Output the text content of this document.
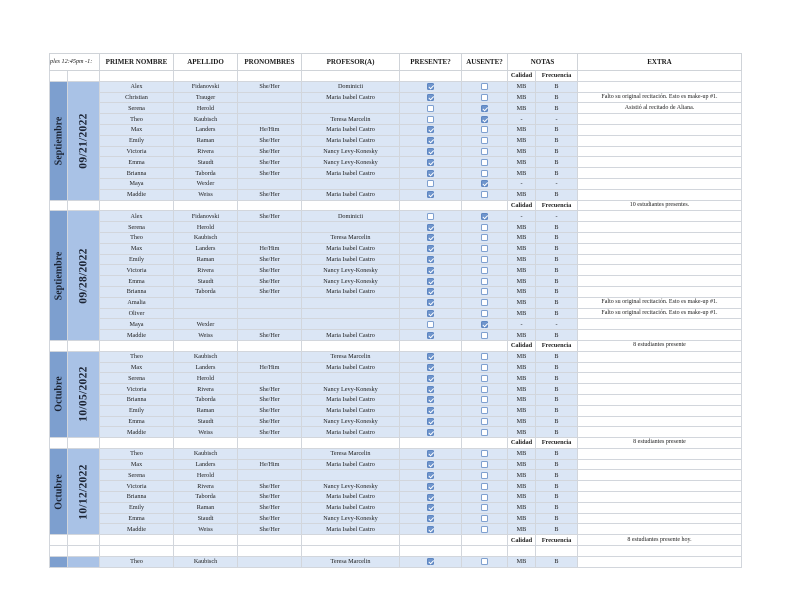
ples 12:45pm -1:		PRIMER NOMBRE	APELLIDO	PRONOMBRES	PROFESOR(A)	PRESENTE?	AUSENTE?	NOTAS		EXTRA
								Calidad	Frecuencia	

Septiembre	09/21/2022	Alex	Fidanovski	She/Her	Dominicii			MB	B	
		Christian	Trauger		Maria Isabel Castro			MB	B	Falto su original recitación. Esto es make-up #1.
		Serena	Herold					MB	B	Asistió al recitado de Aliana.
		Theo	Kaubisch		Teresa Marcelin			-	-	
		Max	Landers	He/Him	Maria Isabel Castro			MB	B	
		Emily	Raman	She/Her	Maria Isabel Castro			MB	B	
		Victoria	Rivera	She/Her	Nancy Levy-Konesky			MB	B	
		Emma	Staudt	She/Her	Nancy Levy-Konesky			MB	B	
		Brianna	Taborda	She/Her	Maria Isabel Castro			MB	B	
		Maya	Wexler					-	-	
		Maddie	Weiss	She/Her	Maria Isabel Castro			MB	B	
								Calidad	Frecuencia	10 estudiantes presentes.

Septiembre	09/28/2022	Alex	Fidanovski	She/Her	Dominicii			-	-	
		Serena	Herold					MB	B	
		Theo	Kaubisch		Teresa Marcelin			MB	B	
		Max	Landers	He/Him	Maria Isabel Castro			MB	B	
		Emily	Raman	She/Her	Maria Isabel Castro			MB	B	
		Victoria	Rivera	She/Her	Nancy Levy-Konesky			MB	B	
		Emma	Staudt	She/Her	Nancy Levy-Konesky			MB	B	
		Brianna	Taborda	She/Her	Maria Isabel Castro			MB	B	
		Amalia						MB	B	Falto su original recitación. Esto es make-up #1.
		Oliver						MB	B	Falto su original recitación. Esto es make-up #1.
		Maya	Wexler					-	-	
		Maddie	Weiss	She/Her	Maria Isabel Castro			MB	B	
								Calidad	Frecuencia	8 estudiantes presente

Octubre	10/05/2022	Theo	Kaubisch		Teresa Marcelin			MB	B	
		Max	Landers	He/Him	Maria Isabel Castro			MB	B	
		Serena	Herold					MB	B	
		Victoria	Rivera	She/Her	Nancy Levy-Konesky			MB	B	
		Brianna	Taborda	She/Her	Maria Isabel Castro			MB	B	
		Emily	Raman	She/Her	Maria Isabel Castro			MB	B	
		Emma	Staudt	She/Her	Nancy Levy-Konesky			MB	B	
		Maddie	Weiss	She/Her	Maria Isabel Castro			MB	B	
								Calidad	Frecuencia	8 estudiantes presente

Octubre	10/12/2022	Theo	Kaubisch		Teresa Marcelin			MB	B	
		Max	Landers	He/Him	Maria Isabel Castro			MB	B	
		Serena	Herold					MB	B	
		Victoria	Rivera	She/Her	Nancy Levy-Konesky			MB	B	
		Brianna	Taborda	She/Her	Maria Isabel Castro			MB	B	
		Emily	Raman	She/Her	Maria Isabel Castro			MB	B	
		Emma	Staudt	She/Her	Nancy Levy-Konesky			MB	B	
		Maddie	Weiss	She/Her	Maria Isabel Castro			MB	B	
								Calidad	Frecuencia	8 estudiantes presente hoy.

		Theo	Kaubisch		Teresa Marcelin			MB	B	
